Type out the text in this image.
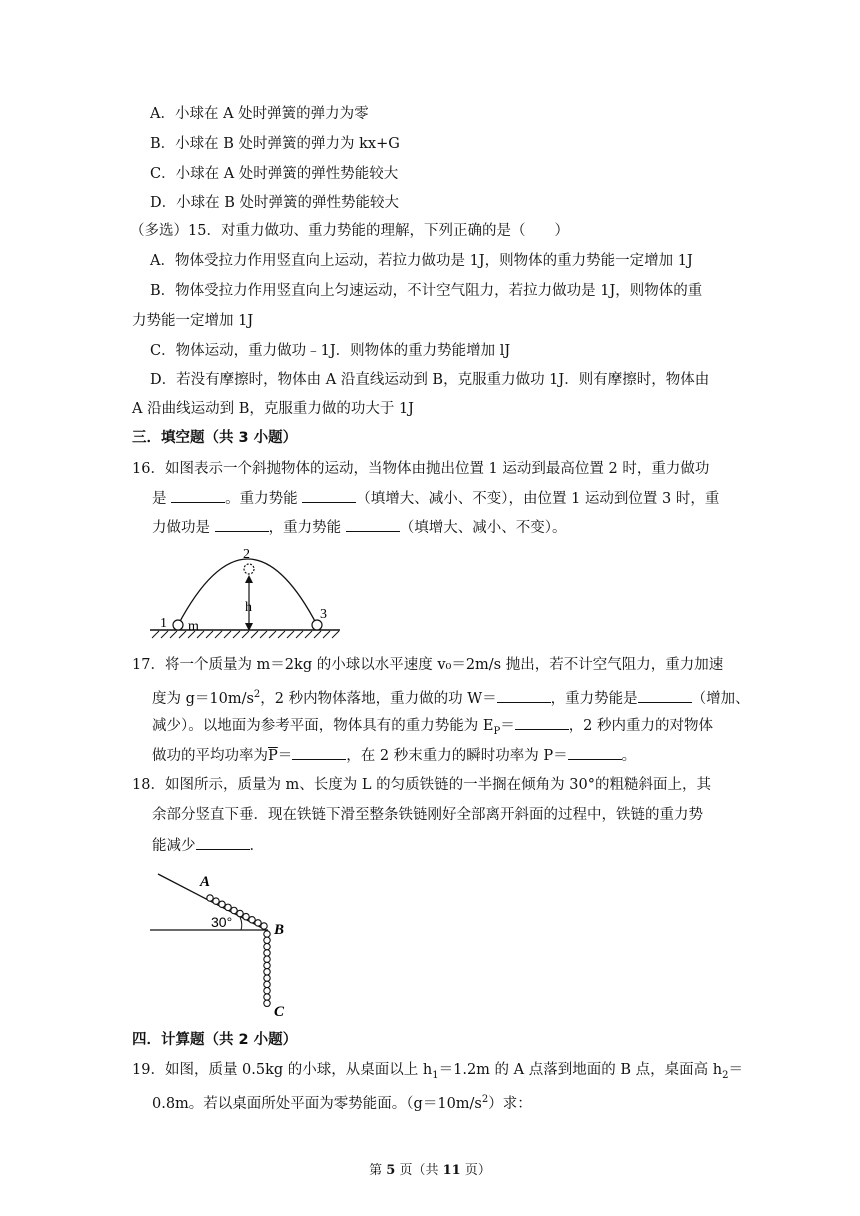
A．小球在 A 处时弹簧的弹力为零
B．小球在 B 处时弹簧的弹力为 kx+G
C．小球在 A 处时弹簧的弹性势能较大
D．小球在 B 处时弹簧的弹性势能较大
（多选）15．对重力做功、重力势能的理解，下列正确的是（　　）
A．物体受拉力作用竖直向上运动，若拉力做功是 1J，则物体的重力势能一定增加 1J
B．物体受拉力作用竖直向上匀速运动，不计空气阻力，若拉力做功是 1J，则物体的重
力势能一定增加 1J
C．物体运动，重力做功﹣1J．则物体的重力势能增加 lJ
D．若没有摩擦时，物体由 A 沿直线运动到 B，克服重力做功 1J．则有摩擦时，物体由
A 沿曲线运动到 B，克服重力做的功大于 1J
三．填空题（共 3 小题）
16．如图表示一个斜抛物体的运动，当物体由抛出位置 1 运动到最高位置 2 时，重力做功
是	。重力势能	（填增大、减小、不变），由位置 1 运动到位置 3 时，重
力做功是	，重力势能	（填增大、减小、不变）。
1 m
2
h	3
17．将一个质量为 m＝2kg 的小球以水平速度 v₀＝2m/s 抛出，若不计空气阻力，重力加速
度为 $g=10m/s^2$，2 秒内物体落地，重力做的功 W＝	，重力势能是	（增加、
减少）。以地面为参考平面，物体具有的重力势能为 $E_P=$	，2 秒内重力的对物体
做功的平均功率为$\overline{P}=$	，在 2 秒末重力的瞬时功率为 P＝	。
18．如图所示，质量为 m、长度为 L 的匀质铁链的一半搁在倾角为 30°的粗糙斜面上，其
余部分竖直下垂．现在铁链下滑至整条铁链刚好全部离开斜面的过程中，铁链的重力势
能减少	．
A
30°	B
C
四．计算题（共 2 小题）
19．如图，质量 0.5kg 的小球，从桌面以上 $h_1=1.2m$ 的 A 点落到地面的 B 点，桌面高 $h_2=$
0.8m。若以桌面所处平面为零势能面。$(g=10m/s^2)$求：
第 5 页（共 11 页）
